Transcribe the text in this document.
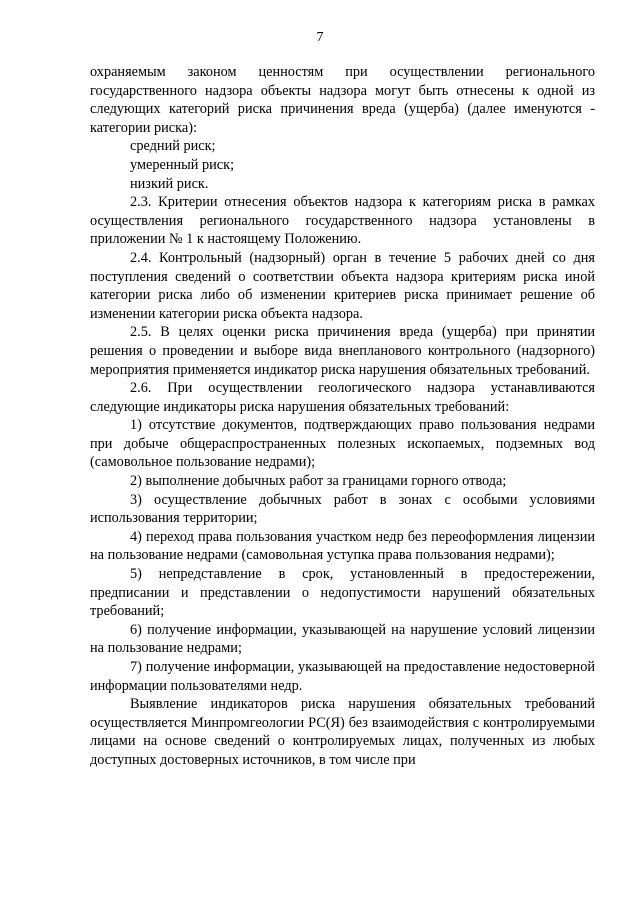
7

охраняемым законом ценностям при осуществлении регионального государственного надзора объекты надзора могут быть отнесены к одной из следующих категорий риска причинения вреда (ущерба) (далее именуются - категории риска):

средний риск;

умеренный риск;

низкий риск.

2.3. Критерии отнесения объектов надзора к категориям риска в рамках осуществления регионального государственного надзора установлены в приложении № 1 к настоящему Положению.

2.4. Контрольный (надзорный) орган в течение 5 рабочих дней со дня поступления сведений о соответствии объекта надзора критериям риска иной категории риска либо об изменении критериев риска принимает решение об изменении категории риска объекта надзора.

2.5. В целях оценки риска причинения вреда (ущерба) при принятии решения о проведении и выборе вида внепланового контрольного (надзорного) мероприятия применяется индикатор риска нарушения обязательных требований.

2.6. При осуществлении геологического надзора устанавливаются следующие индикаторы риска нарушения обязательных требований:

1) отсутствие документов, подтверждающих право пользования недрами при добыче общераспространенных полезных ископаемых, подземных вод (самовольное пользование недрами);

2) выполнение добычных работ за границами горного отвода;

3) осуществление добычных работ в зонах с особыми условиями использования территории;

4) переход права пользования участком недр без переоформления лицензии на пользование недрами (самовольная уступка права пользования недрами);

5) непредставление в срок, установленный в предостережении, предписании и представлении о недопустимости нарушений обязательных требований;

6) получение информации, указывающей на нарушение условий лицензии на пользование недрами;

7) получение информации, указывающей на предоставление недостоверной информации пользователями недр.

Выявление индикаторов риска нарушения обязательных требований осуществляется Минпромгеологии РС(Я) без взаимодействия с контролируемыми лицами на основе сведений о контролируемых лицах, полученных из любых доступных достоверных источников, в том числе при
